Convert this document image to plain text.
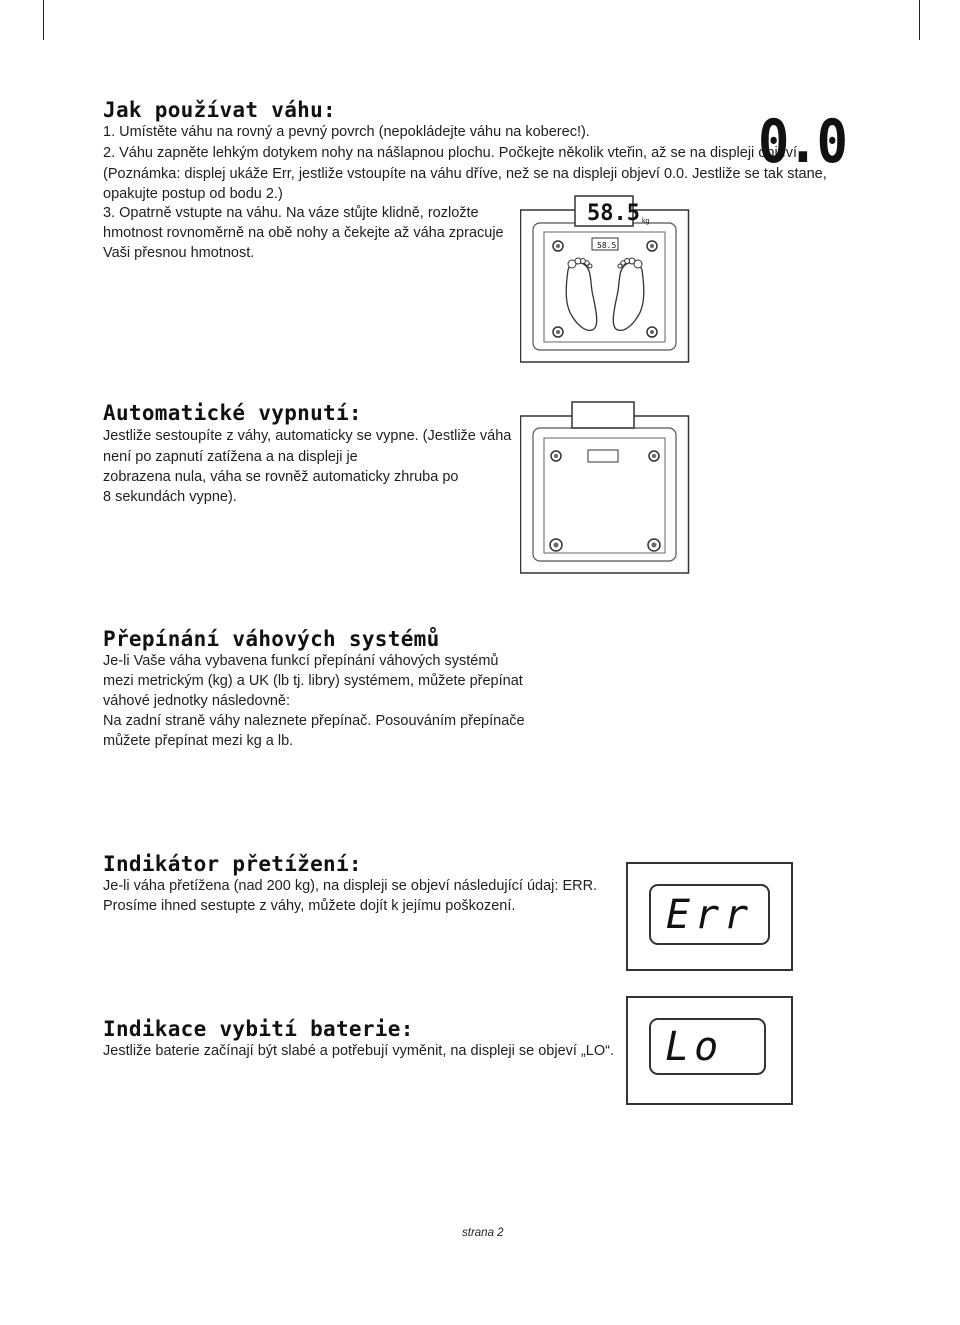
Jak používat váhu:

1. Umístěte váhu na rovný a pevný povrch (nepokládejte váhu na koberec!).

2. Váhu zapněte lehkým dotykem nohy na nášlapnou plochu. Počkejte několik vteřin, až se na displeji objeví

(Poznámka: displej ukáže Err, jestliže vstoupíte na váhu dříve, než se na displeji objeví 0.0. Jestliže se tak stane,

opakujte postup od bodu 2.)

3. Opatrně vstupte na váhu. Na váze stůjte klidně, rozložte

hmotnost rovnoměrně na obě nohy a čekejte až váha zpracuje

Vaši přesnou hmotnost.

0.0
58.5 kg
58.5
Automatické vypnutí:

Jestliže sestoupíte z váhy, automaticky se vypne. (Jestliže váha

není po zapnutí zatížena a na displeji je

zobrazena nula, váha se rovněž automaticky zhruba po

8 sekundách vypne).

Přepínání váhových systémů

Je-li Vaše váha vybavena funkcí přepínání váhových systémů

mezi metrickým (kg) a UK (lb tj. libry) systémem, můžete přepínat

váhové jednotky následovně:

Na zadní straně váhy naleznete přepínač. Posouváním přepínače

můžete přepínat mezi kg a lb.

Indikátor přetížení:

Je-li váha přetížena (nad 200 kg), na displeji se objeví následující údaj: ERR.

Prosíme ihned sestupte z váhy, můžete dojít k jejímu poškození.	Err
Indikace vybití baterie:

Jestliže baterie začínají být slabé a potřebují vyměnit, na displeji se objeví „LO“. Lo
strana 2
